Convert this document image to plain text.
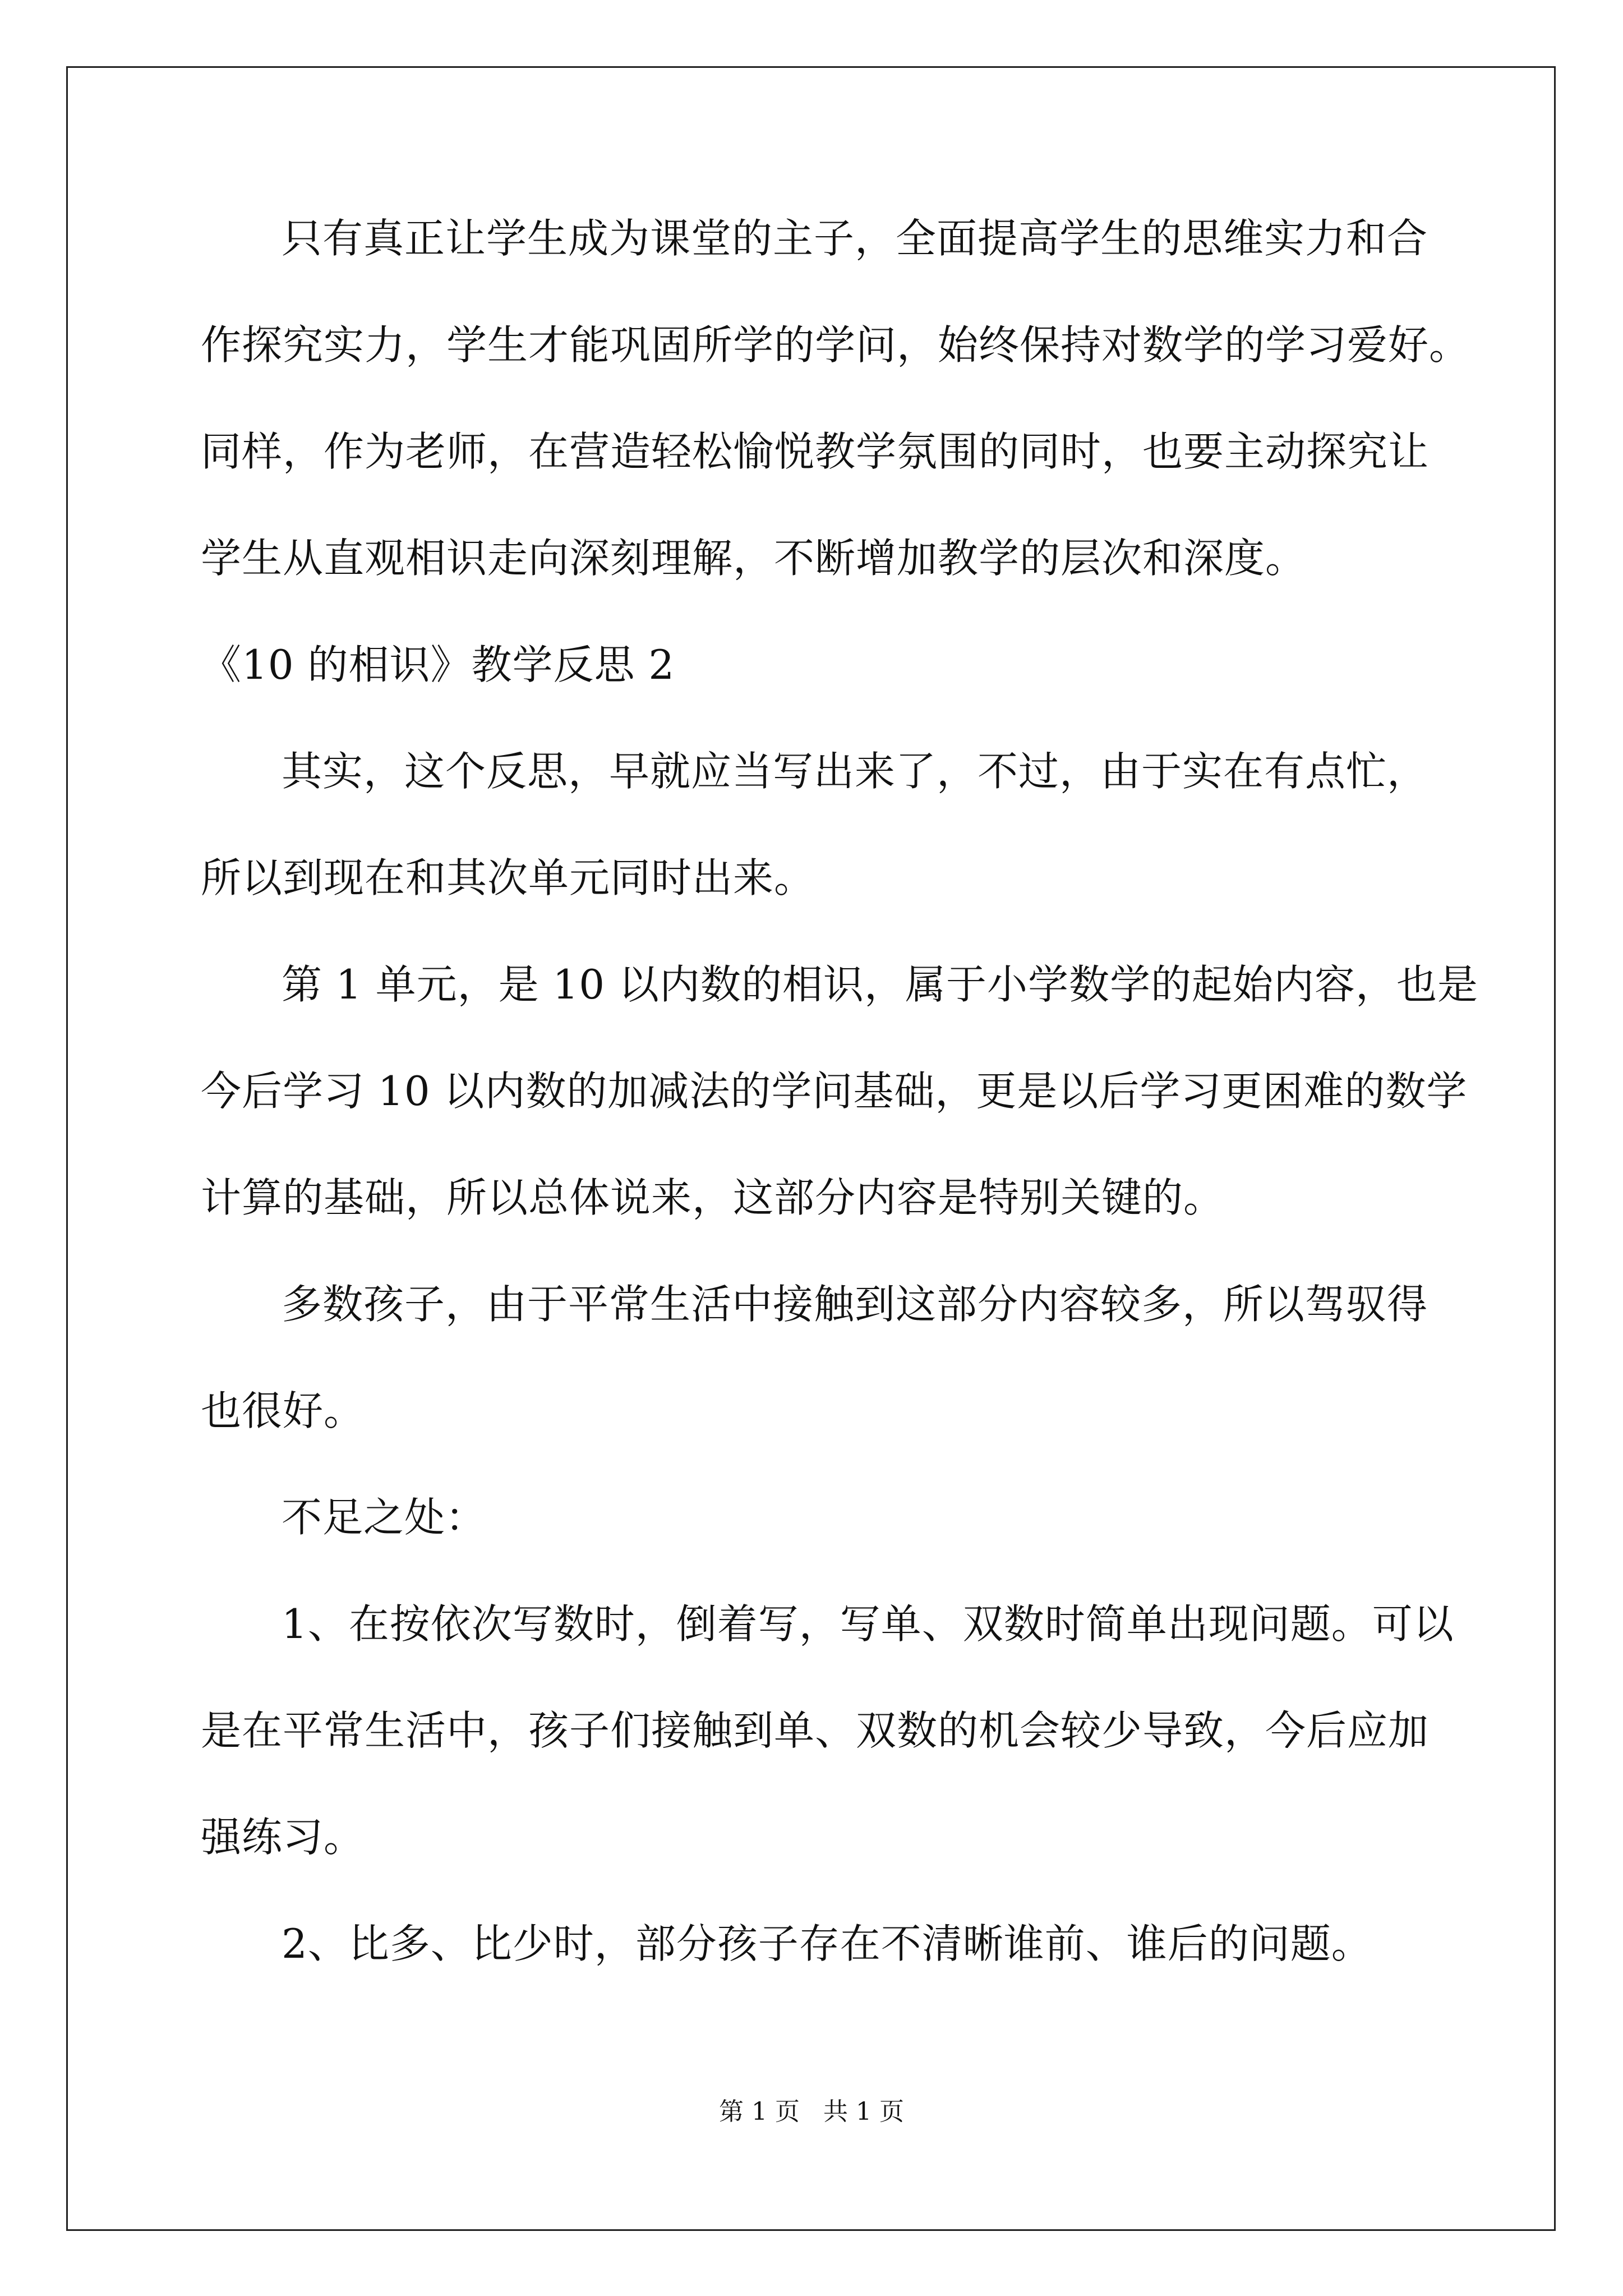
只有真正让学生成为课堂的主子，全面提高学生的思维实力和合
作探究实力，学生才能巩固所学的学问，始终保持对数学的学习爱好。
同样，作为老师，在营造轻松愉悦教学氛围的同时，也要主动探究让
学生从直观相识走向深刻理解，不断增加教学的层次和深度。
《10 的相识》教学反思 2
其实，这个反思，早就应当写出来了，不过，由于实在有点忙，
所以到现在和其次单元同时出来。
第 1 单元，是 10 以内数的相识，属于小学数学的起始内容，也是
今后学习 10 以内数的加减法的学问基础，更是以后学习更困难的数学
计算的基础，所以总体说来，这部分内容是特别关键的。
多数孩子，由于平常生活中接触到这部分内容较多，所以驾驭得
也很好。
不足之处：
1、在按依次写数时，倒着写，写单、双数时简单出现问题。可以
是在平常生活中，孩子们接触到单、双数的机会较少导致，今后应加
强练习。
2、比多、比少时，部分孩子存在不清晰谁前、谁后的问题。
第 1 页   共 1 页
